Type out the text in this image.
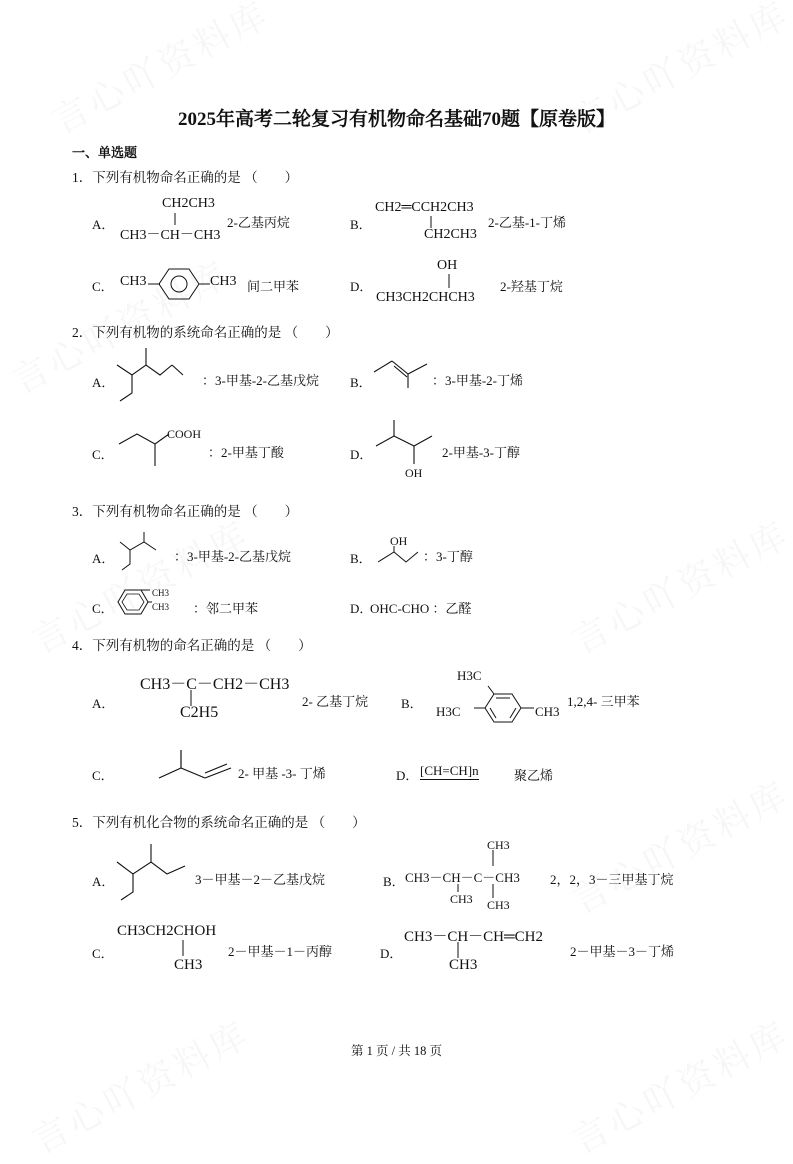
2025年高考二轮复习有机物命名基础70题【原卷版】
一、单选题
1．下列有机物命名正确的是 （　　）
A．
CH2CH3
CH3－CH－CH3
2-乙基丙烷	B．
CH2═CCH2CH3
CH2CH3
2-乙基-1-丁烯
C． CH3	CH3 间二甲苯	D．
OH
CH3CH2CHCH3
2-羟基丁烷
2．下列有机物的系统命名正确的是 （　　）
A．	：3-甲基-2-乙基戊烷 B．	：3-甲基-2-丁烯
C．
COOH
：2-甲基丁酸	D．
OH
2-甲基-3-丁醇
3．下列有机物命名正确的是 （　　）
A．	：3-甲基-2-乙基戊烷	B．
OH
：3-丁醇
C．
CH3
CH3 ：邻二甲苯	D．
OHC-CHO ：乙醛
4．下列有机物的命名正确的是 （　　）
A．
CH3－C－CH2－CH3
C2H5
2- 乙基丁烷	B．
H3C
H3C	CH3
1,2,4- 三甲苯
C．	2- 甲基 -3- 丁烯	D． [CH=CH]n	聚乙烯
5．下列有机化合物的系统命名正确的是 （　　）
A．	3－甲基－2－乙基戊烷	B．
CH3
CH3－CH－C－CH3
CH3 CH3
2，2，3－三甲基丁烷
C．
CH3CH2CHOH
CH3
2－甲基－1－丙醇	D．
CH3－CH－CH═CH2
CH3
2－甲基－3－丁烯
第 1 页 / 共 18 页
